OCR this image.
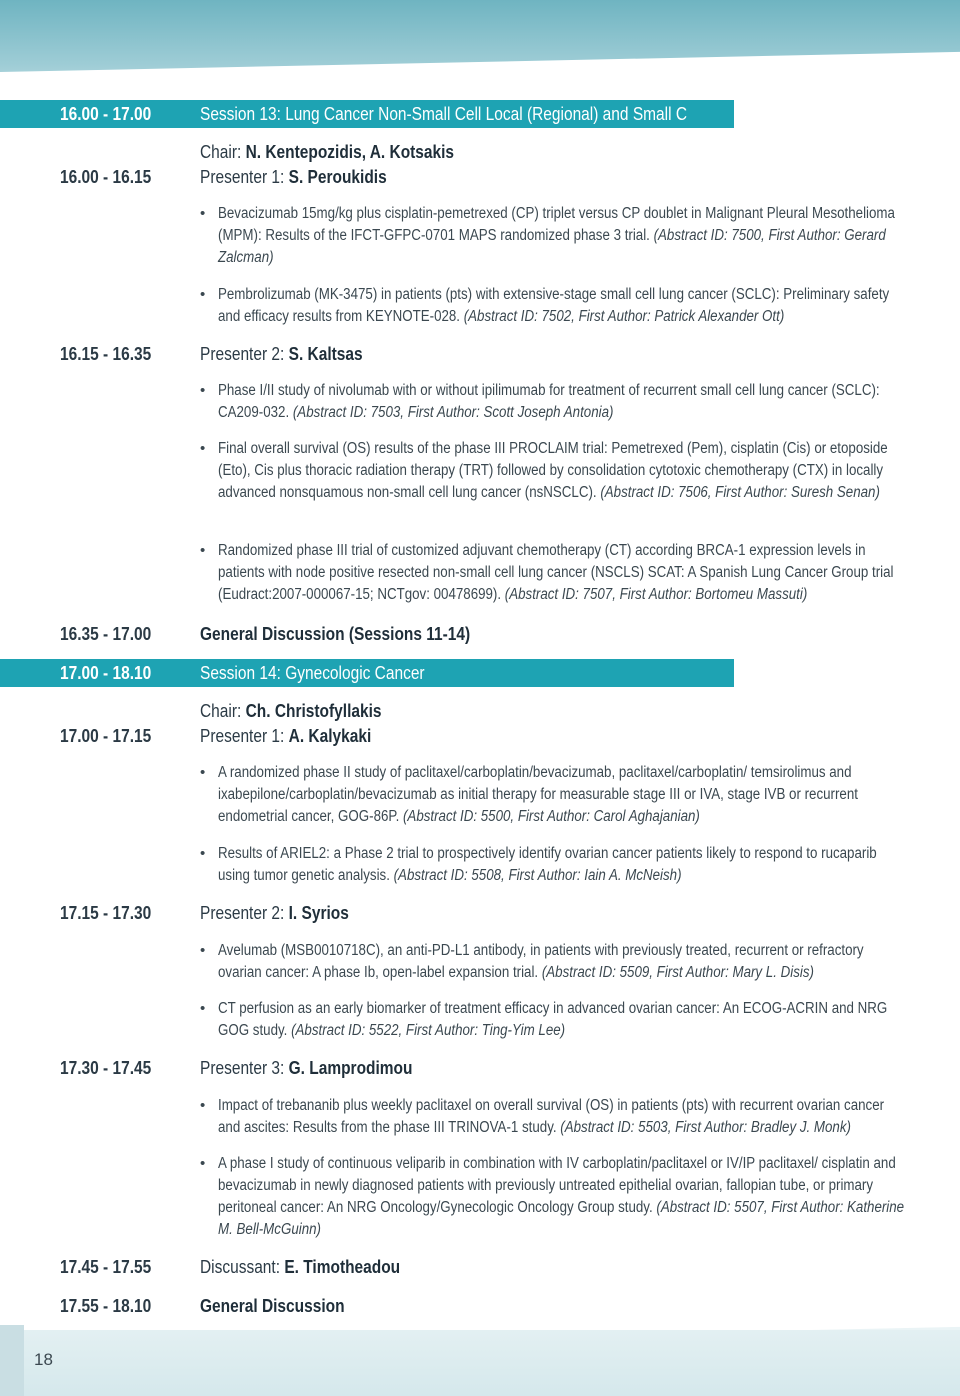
16.00 - 17.00	Session 13: Lung Cancer Non-Small Cell Local (Regional) and Small C
Chair: N. Kentepozidis, A. Kotsakis
16.00 - 16.15	Presenter 1: S. Peroukidis
• Bevacizumab 15mg/kg plus cisplatin-pemetrexed (CP) triplet versus CP doublet in Malignant Pleural Mesothelioma (MPM): Results of the IFCT-GFPC-0701 MAPS randomized phase 3 trial. (Abstract ID: 7500, First Author: Gerard Zalcman)
• Pembrolizumab (MK-3475) in patients (pts) with extensive-stage small cell lung cancer (SCLC): Preliminary safety and efficacy results from KEYNOTE-028. (Abstract ID: 7502, First Author: Patrick Alexander Ott)
16.15 - 16.35	Presenter 2: S. Kaltsas
• Phase I/II study of nivolumab with or without ipilimumab for treatment of recurrent small cell lung cancer (SCLC): CA209-032. (Abstract ID: 7503, First Author: Scott Joseph Antonia)
• Final overall survival (OS) results of the phase III PROCLAIM trial: Pemetrexed (Pem), cisplatin (Cis) or etoposide (Eto), Cis plus thoracic radiation therapy (TRT) followed by consolidation cytotoxic chemotherapy (CTX) in locally advanced nonsquamous non-small cell lung cancer (nsNSCLC). (Abstract ID: 7506, First Author: Suresh Senan)
• Randomized phase III trial of customized adjuvant chemotherapy (CT) according BRCA-1 expression levels in patients with node positive resected non-small cell lung cancer (NSCLS) SCAT: A Spanish Lung Cancer Group trial (Eudract:2007-000067-15; NCTgov: 00478699). (Abstract ID: 7507, First Author: Bortomeu Massuti)
16.35 - 17.00	General Discussion (Sessions 11-14)
17.00 - 18.10	Session 14: Gynecologic Cancer
Chair: Ch. Christofyllakis
17.00 - 17.15	Presenter 1: A. Kalykaki
• A randomized phase II study of paclitaxel/carboplatin/bevacizumab, paclitaxel/carboplatin/ temsirolimus and ixabepilone/carboplatin/bevacizumab as initial therapy for measurable stage III or IVA, stage IVB or recurrent endometrial cancer, GOG-86P. (Abstract ID: 5500, First Author: Carol Aghajanian)
• Results of ARIEL2: a Phase 2 trial to prospectively identify ovarian cancer patients likely to respond to rucaparib using tumor genetic analysis. (Abstract ID: 5508, First Author: Iain A. McNeish)
17.15 - 17.30	Presenter 2: I. Syrios
• Avelumab (MSB0010718C), an anti-PD-L1 antibody, in patients with previously treated, recurrent or refractory ovarian cancer: A phase Ib, open-label expansion trial. (Abstract ID: 5509, First Author: Mary L. Disis)
• CT perfusion as an early biomarker of treatment efficacy in advanced ovarian cancer: An ECOG-ACRIN and NRG GOG study. (Abstract ID: 5522, First Author: Ting-Yim Lee)
17.30 - 17.45	Presenter 3: G. Lamprodimou
• Impact of trebananib plus weekly paclitaxel on overall survival (OS) in patients (pts) with recurrent ovarian cancer and ascites: Results from the phase III TRINOVA-1 study. (Abstract ID: 5503, First Author: Bradley J. Monk)
• A phase I study of continuous veliparib in combination with IV carboplatin/paclitaxel or IV/IP paclitaxel/ cisplatin and bevacizumab in newly diagnosed patients with previously untreated epithelial ovarian, fallopian tube, or primary peritoneal cancer: An NRG Oncology/Gynecologic Oncology Group study. (Abstract ID: 5507, First Author: Katherine M. Bell-McGuinn)
17.45 - 17.55	Discussant: E. Timotheadou
17.55 - 18.10	General Discussion
18
